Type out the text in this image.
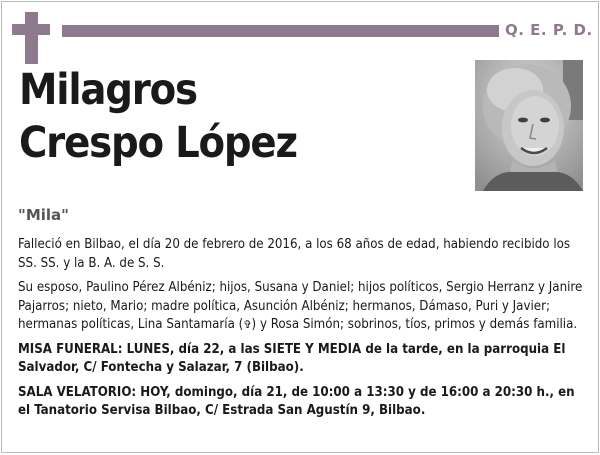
Q. E. P. D.
Milagros
Crespo López
"Mila"

Falleció en Bilbao, el día 20 de febrero de 2016, a los 68 años de edad, habiendo recibido los SS. SS. y la B. A. de S. S.

Su esposo, Paulino Pérez Albéniz; hijos, Susana y Daniel; hijos políticos, Sergio Herranz y Janire Pajarros; nieto, Mario; madre política, Asunción Albéniz; hermanos, Dámaso, Puri y Javier; hermanas políticas, Lina Santamaría (✞) y Rosa Simón; sobrinos, tíos, primos y demás familia.

MISA FUNERAL: LUNES, día 22, a las SIETE Y MEDIA de la tarde, en la parroquia El Salvador, C/ Fontecha y Salazar, 7 (Bilbao).

SALA VELATORIO: HOY, domingo, día 21, de 10:00 a 13:30 y de 16:00 a 20:30 h., en el Tanatorio Servisa Bilbao, C/ Estrada San Agustín 9, Bilbao.
